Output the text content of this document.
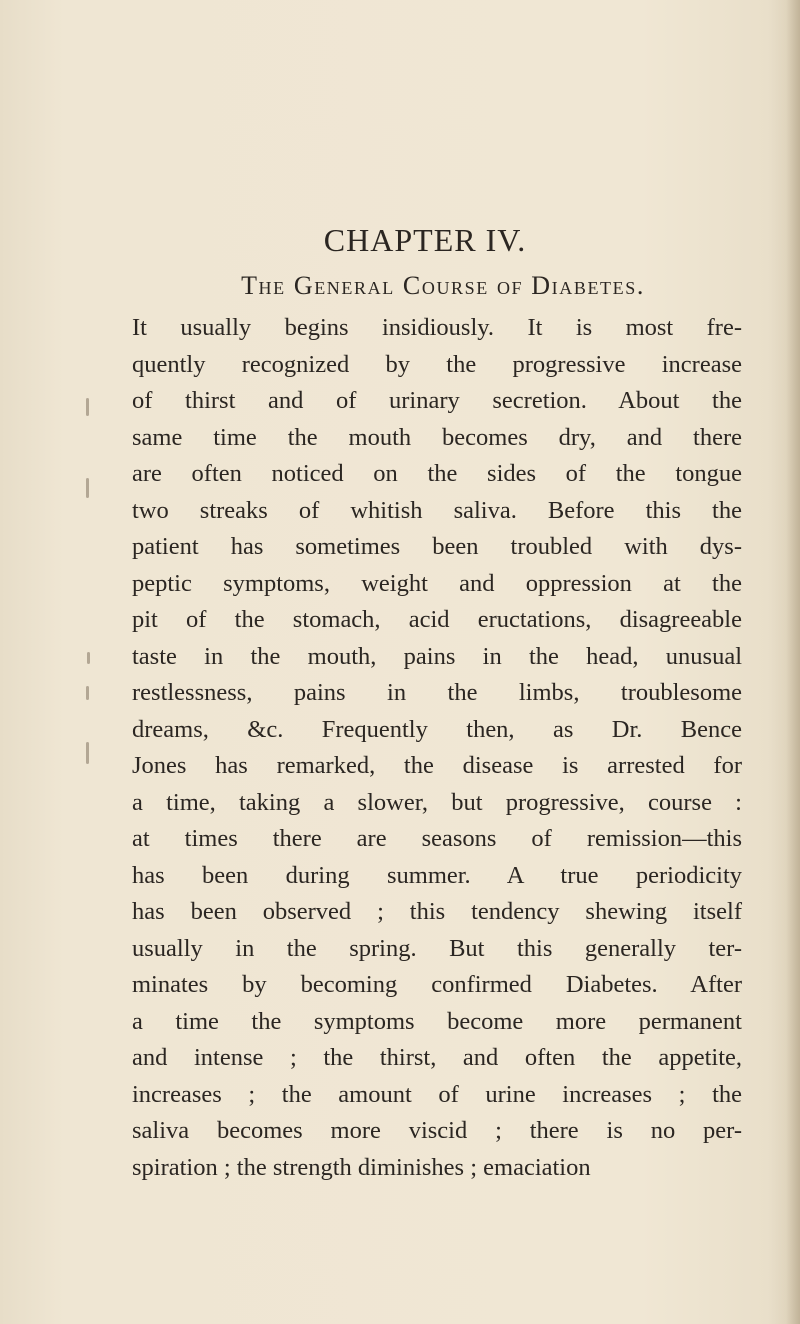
CHAPTER IV.
The General Course of Diabetes.
It usually begins insidiously. It is most fre-
quently recognized by the progressive increase
of thirst and of urinary secretion. About the
same time the mouth becomes dry, and there
are often noticed on the sides of the tongue
two streaks of whitish saliva. Before this the
patient has sometimes been troubled with dys-
peptic symptoms, weight and oppression at the
pit of the stomach, acid eructations, disagreeable
taste in the mouth, pains in the head, unusual
restlessness, pains in the limbs, troublesome
dreams, &c. Frequently then, as Dr. Bence
Jones has remarked, the disease is arrested for
a time, taking a slower, but progressive, course :
at times there are seasons of remission—this
has been during summer. A true periodicity
has been observed ; this tendency shewing itself
usually in the spring. But this generally ter-
minates by becoming confirmed Diabetes. After
a time the symptoms become more permanent
and intense ; the thirst, and often the appetite,
increases ; the amount of urine increases ; the
saliva becomes more viscid ; there is no per-
spiration ; the strength diminishes ; emaciation
